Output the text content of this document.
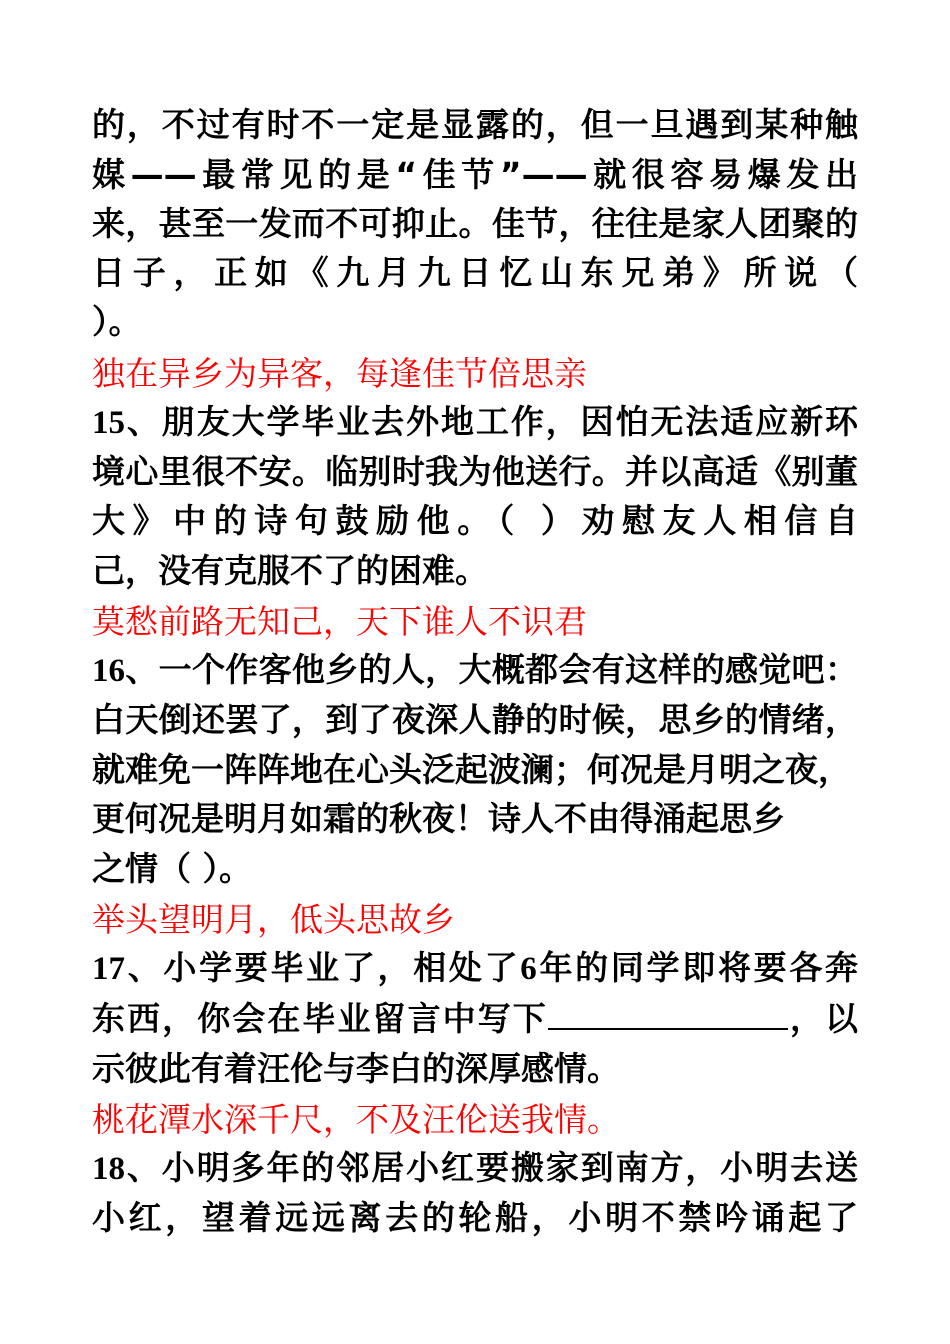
的，不过有时不一定是显露的，但一旦遇到某种触
媒——最常见的是“佳节”——就很容易爆发出
来，甚至一发而不可抑止。佳节，往往是家人团聚的
日子，正如《九月九日忆山东兄弟》所说（
）。
独在异乡为异客，每逢佳节倍思亲
15、朋友大学毕业去外地工作，因怕无法适应新环
境心里很不安。临别时我为他送行。并以高适《别董
大》中的诗句鼓励他。（ ）劝慰友人相信自
己，没有克服不了的困难。
莫愁前路无知己，天下谁人不识君
16、一个作客他乡的人，大概都会有这样的感觉吧：
白天倒还罢了，到了夜深人静的时候，思乡的情绪，
就难免一阵阵地在心头泛起波澜；何况是月明之夜，
更何况是明月如霜的秋夜！诗人不由得涌起思乡
之情（ ）。
举头望明月，低头思故乡
17、小学要毕业了，相处了6年的同学即将要各奔
东西，你会在毕业留言中写下	，以
示彼此有着汪伦与李白的深厚感情。
桃花潭水深千尺，不及汪伦送我情。
18、小明多年的邻居小红要搬家到南方，小明去送
小红，望着远远离去的轮船，小明不禁吟诵起了
